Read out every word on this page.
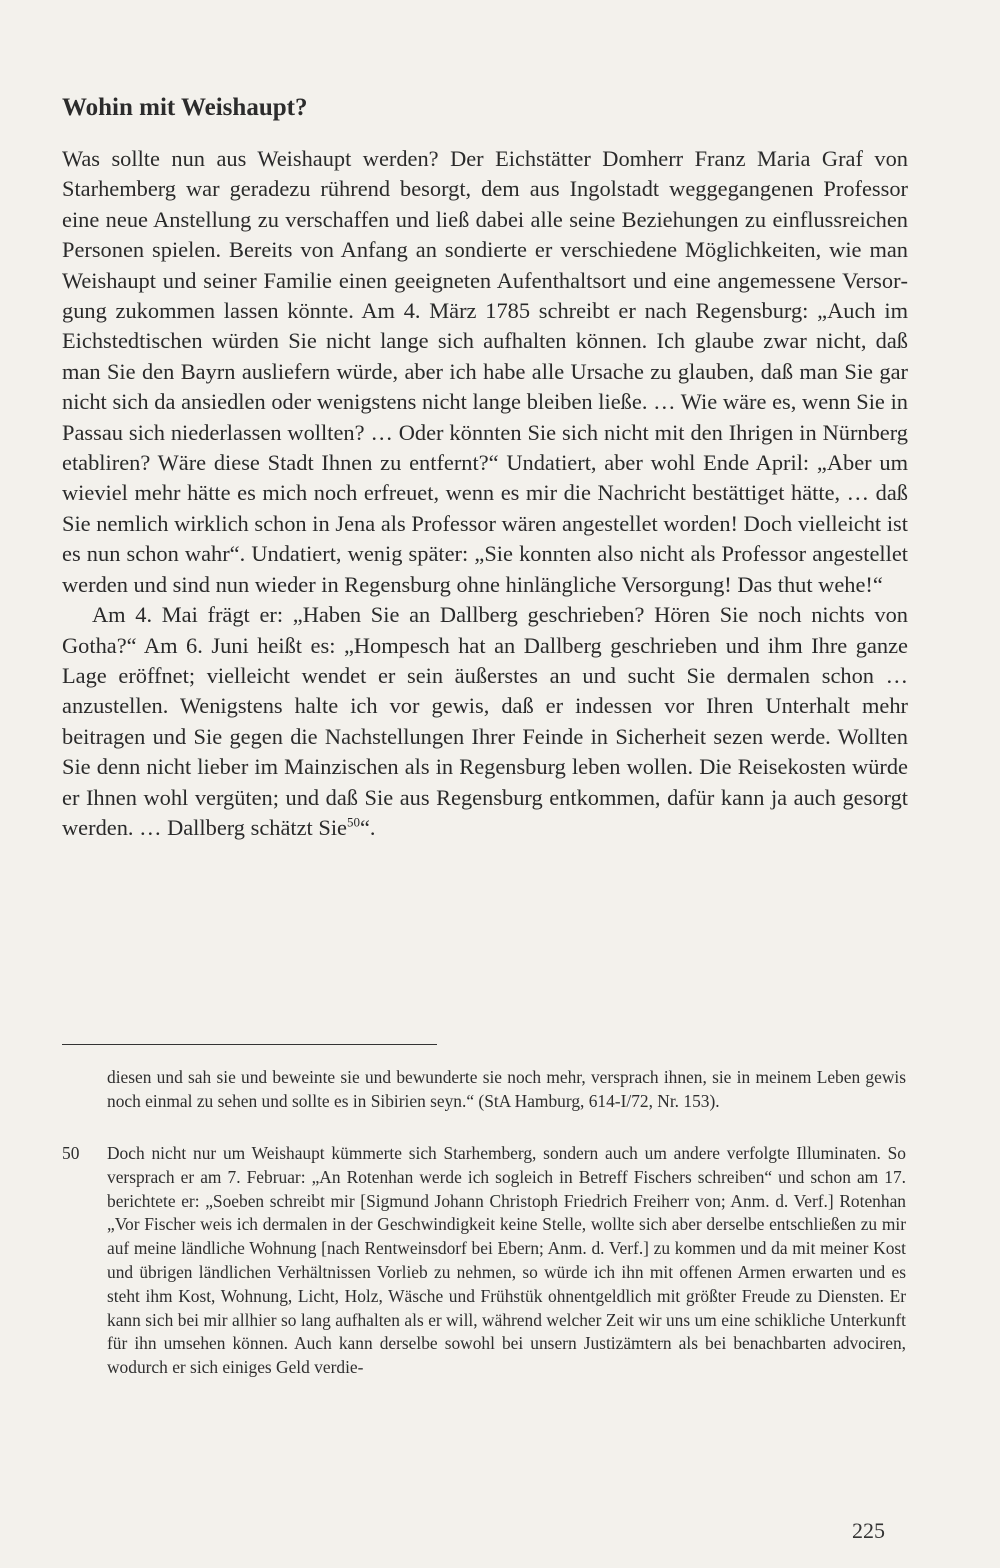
Wohin mit Weishaupt?

Was sollte nun aus Weishaupt werden? Der Eichstätter Domherr Franz Maria Graf von Starhemberg war geradezu rührend besorgt, dem aus Ingolstadt weggegangenen Professor eine neue Anstellung zu verschaffen und ließ dabei alle seine Beziehungen zu einflussreichen Personen spielen. Bereits von Anfang an sondierte er verschiedene Möglichkeiten, wie man Weishaupt und seiner Familie einen geeigneten Aufenthaltsort und eine angemessene Versorgung zukommen lassen könnte. Am 4. März 1785 schreibt er nach Regensburg: „Auch im Eichstedtischen würden Sie nicht lange sich aufhalten können. Ich glaube zwar nicht, daß man Sie den Bayrn ausliefern würde, aber ich habe alle Ursache zu glauben, daß man Sie gar nicht sich da ansiedlen oder wenigstens nicht lange bleiben ließe. … Wie wäre es, wenn Sie in Passau sich niederlassen wollten? … Oder könnten Sie sich nicht mit den Ihrigen in Nürnberg etabliren? Wäre diese Stadt Ihnen zu entfernt?“ Undatiert, aber wohl Ende April: „Aber um wieviel mehr hätte es mich noch erfreuet, wenn es mir die Nachricht bestättiget hätte, … daß Sie nemlich wirklich schon in Jena als Professor wären angestellet worden! Doch vielleicht ist es nun schon wahr“. Undatiert, wenig später: „Sie konnten also nicht als Professor angestellet werden und sind nun wieder in Regensburg ohne hinlängliche Versorgung! Das thut wehe!“

Am 4. Mai frägt er: „Haben Sie an Dallberg geschrieben? Hören Sie noch nichts von Gotha?“ Am 6. Juni heißt es: „Hompesch hat an Dallberg geschrieben und ihm Ihre ganze Lage eröffnet; vielleicht wendet er sein äußerstes an und sucht Sie dermalen schon … anzustellen. Wenigstens halte ich vor gewis, daß er indessen vor Ihren Unterhalt mehr beitragen und Sie gegen die Nachstellungen Ihrer Feinde in Sicherheit sezen werde. Wollten Sie denn nicht lieber im Mainzischen als in Regensburg leben wollen. Die Reisekosten würde er Ihnen wohl vergüten; und daß Sie aus Regensburg entkommen, dafür kann ja auch gesorgt werden. … Dallberg schätzt Sie$^{50}$“.

diesen und sah sie und beweinte sie und bewunderte sie noch mehr, versprach ihnen, sie in meinem Leben gewis noch einmal zu sehen und sollte es in Sibirien seyn.“ (StA Hamburg, 614-I/72, Nr. 153).

50 Doch nicht nur um Weishaupt kümmerte sich Starhemberg, sondern auch um andere verfolgte Illuminaten. So versprach er am 7. Februar: „An Rotenhan werde ich sogleich in Betreff Fischers schreiben“ und schon am 17. berichtete er: „Soeben schreibt mir [Sigmund Johann Christoph Friedrich Freiherr von; Anm. d. Verf.] Rotenhan „Vor Fischer weis ich dermalen in der Geschwindigkeit keine Stelle, wollte sich aber derselbe entschließen zu mir auf meine ländliche Wohnung [nach Rentweinsdorf bei Ebern; Anm. d. Verf.] zu kommen und da mit meiner Kost und übrigen ländlichen Verhältnissen Vorlieb zu nehmen, so würde ich ihn mit offenen Armen erwarten und es steht ihm Kost, Wohnung, Licht, Holz, Wäsche und Frühstük ohnentgeldlich mit größter Freude zu Diensten. Er kann sich bei mir allhier so lang aufhalten als er will, während welcher Zeit wir uns um eine schikliche Unterkunft für ihn umsehen können. Auch kann derselbe sowohl bei unsern Justizämtern als bei benachbarten advociren, wodurch er sich einiges Geld verdie-

225
